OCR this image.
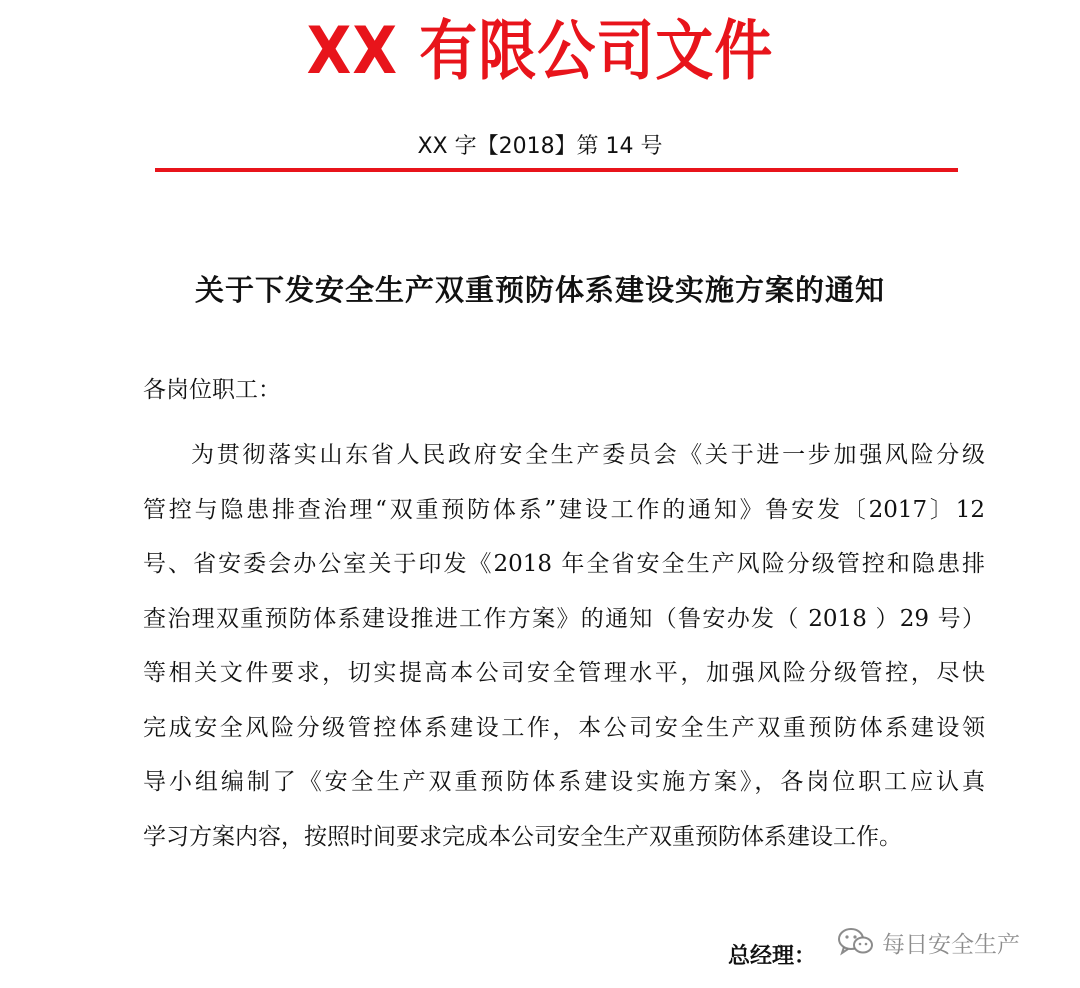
XX 有限公司文件
XX 字【2018】第 14 号
关于下发安全生产双重预防体系建设实施方案的通知
各岗位职工：
为贯彻落实山东省人民政府安全生产委员会《关于进一步加强风险分级
管控与隐患排查治理“双重预防体系”建设工作的通知》鲁安发〔2017〕12
号、省安委会办公室关于印发《2018 年全省安全生产风险分级管控和隐患排
查治理双重预防体系建设推进工作方案》的通知（鲁安办发（ 2018 ）29 号）
等相关文件要求，切实提高本公司安全管理水平，加强风险分级管控，尽快
完成安全风险分级管控体系建设工作，本公司安全生产双重预防体系建设领
导小组编制了《安全生产双重预防体系建设实施方案》，各岗位职工应认真
学习方案内容，按照时间要求完成本公司安全生产双重预防体系建设工作。
总经理：	每日安全生产
